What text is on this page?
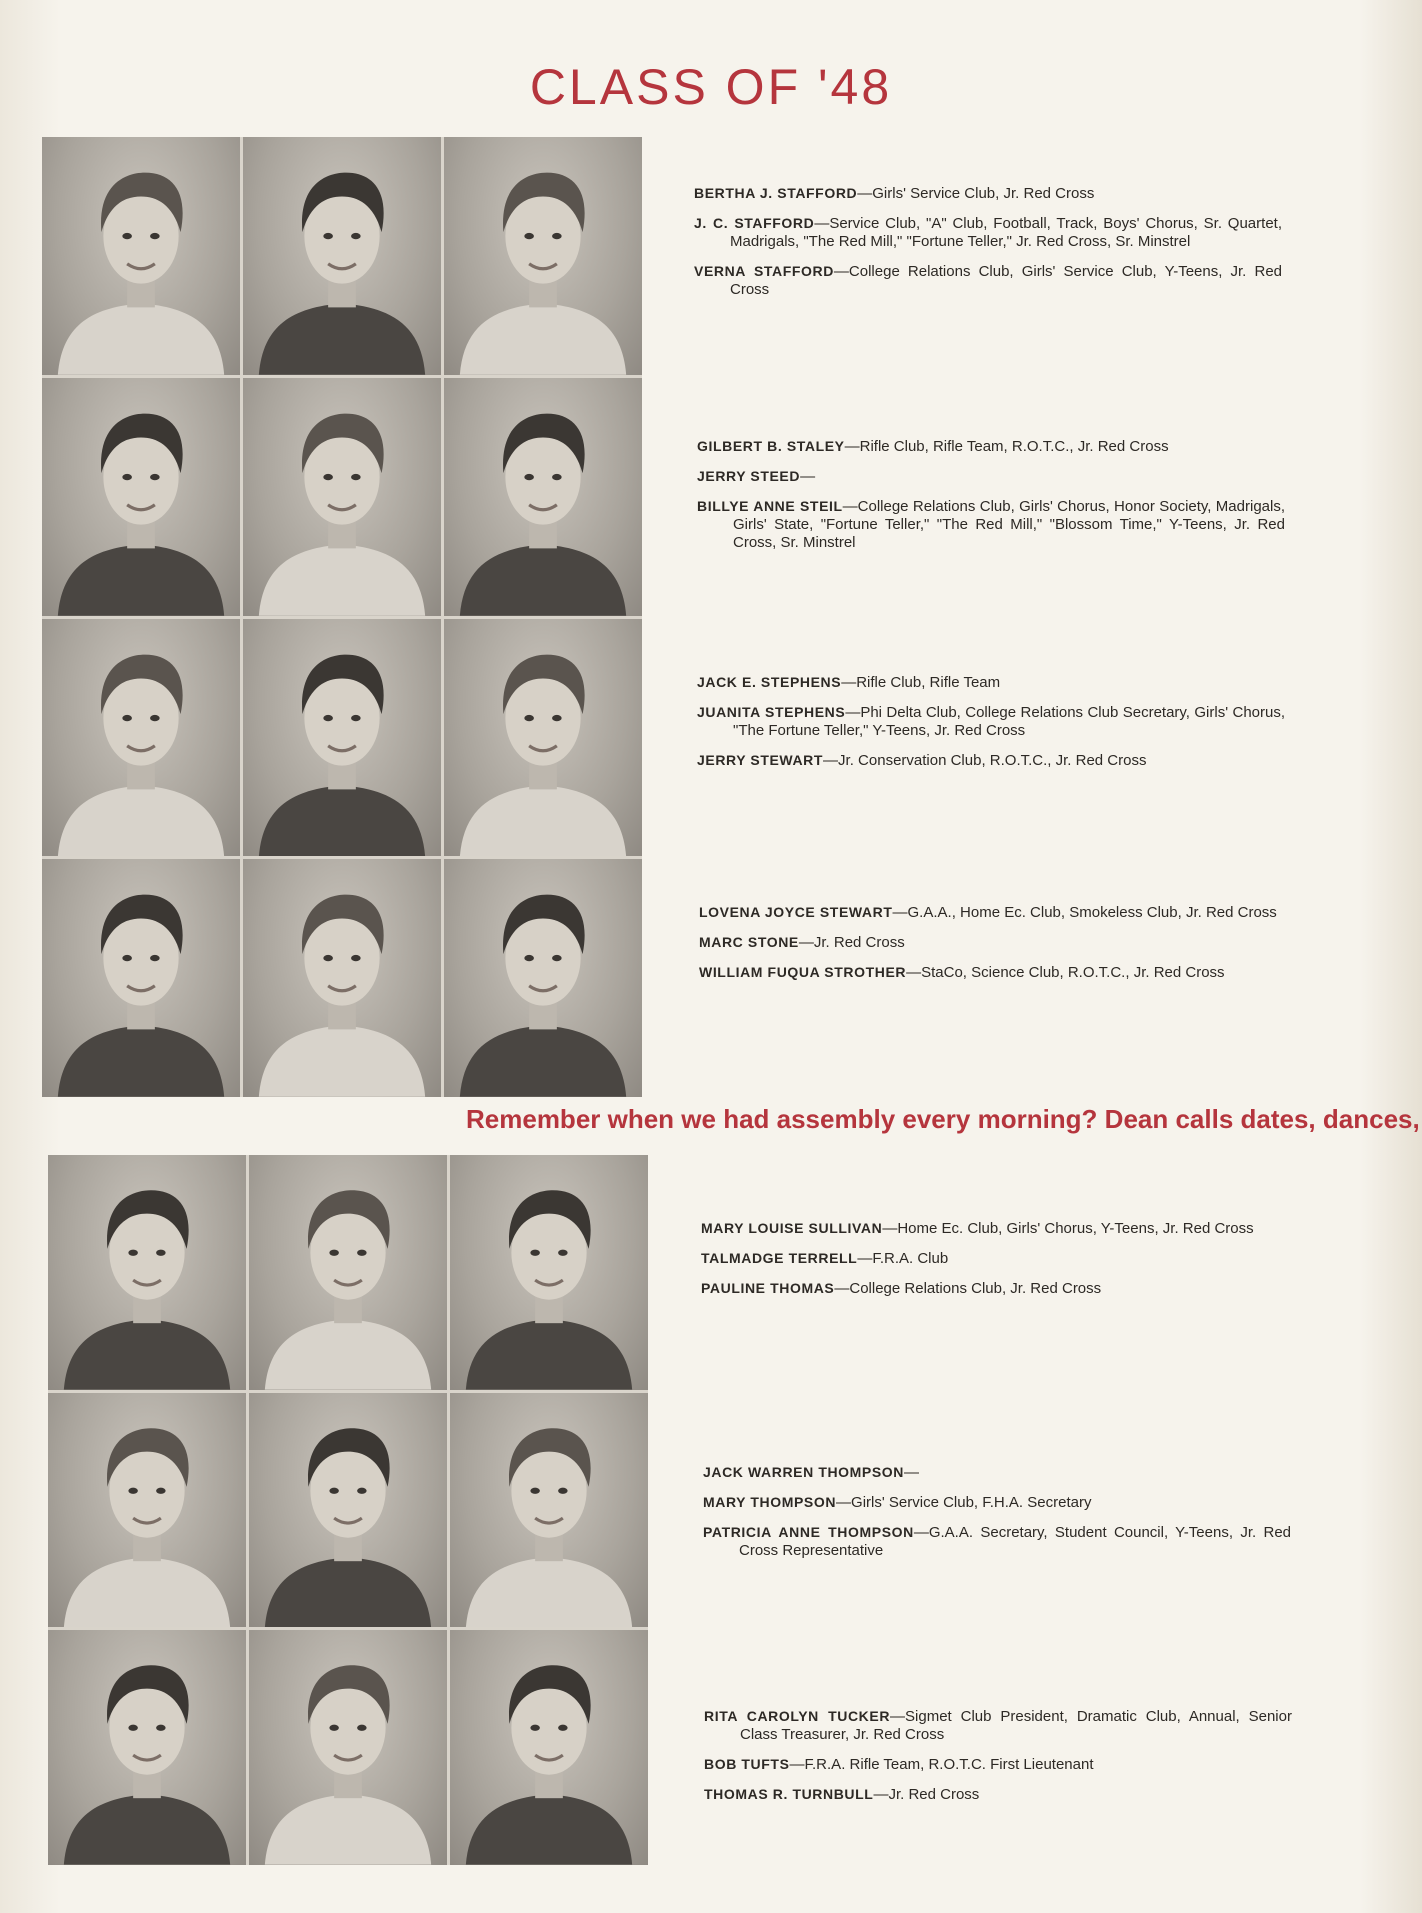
CLASS OF '48
Remember when we had assembly every morning? Dean calls dates, dances,
BERTHA J. STAFFORD—Girls' Service Club, Jr. Red Cross
J. C. STAFFORD—Service Club, "A" Club, Football, Track, Boys' Chorus, Sr. Quartet, Madrigals, "The Red Mill," "Fortune Teller," Jr. Red Cross, Sr. Minstrel
VERNA STAFFORD—College Relations Club, Girls' Service Club, Y-Teens, Jr. Red Cross
GILBERT B. STALEY—Rifle Club, Rifle Team, R.O.T.C., Jr. Red Cross
JERRY STEED—
BILLYE ANNE STEIL—College Relations Club, Girls' Chorus, Honor Society, Madrigals, Girls' State, "Fortune Teller," "The Red Mill," "Blossom Time," Y-Teens, Jr. Red Cross, Sr. Minstrel
JACK E. STEPHENS—Rifle Club, Rifle Team
JUANITA STEPHENS—Phi Delta Club, College Relations Club Secretary, Girls' Chorus, "The Fortune Teller," Y-Teens, Jr. Red Cross
JERRY STEWART—Jr. Conservation Club, R.O.T.C., Jr. Red Cross
LOVENA JOYCE STEWART—G.A.A., Home Ec. Club, Smokeless Club, Jr. Red Cross
MARC STONE—Jr. Red Cross
WILLIAM FUQUA STROTHER—StaCo, Science Club, R.O.T.C., Jr. Red Cross
MARY LOUISE SULLIVAN—Home Ec. Club, Girls' Chorus, Y-Teens, Jr. Red Cross
TALMADGE TERRELL—F.R.A. Club
PAULINE THOMAS—College Relations Club, Jr. Red Cross
JACK WARREN THOMPSON—
MARY THOMPSON—Girls' Service Club, F.H.A. Secretary
PATRICIA ANNE THOMPSON—G.A.A. Secretary, Student Council, Y-Teens, Jr. Red Cross Representative
RITA CAROLYN TUCKER—Sigmet Club President, Dramatic Club, Annual, Senior Class Treasurer, Jr. Red Cross
BOB TUFTS—F.R.A. Rifle Team, R.O.T.C. First Lieutenant
THOMAS R. TURNBULL—Jr. Red Cross
